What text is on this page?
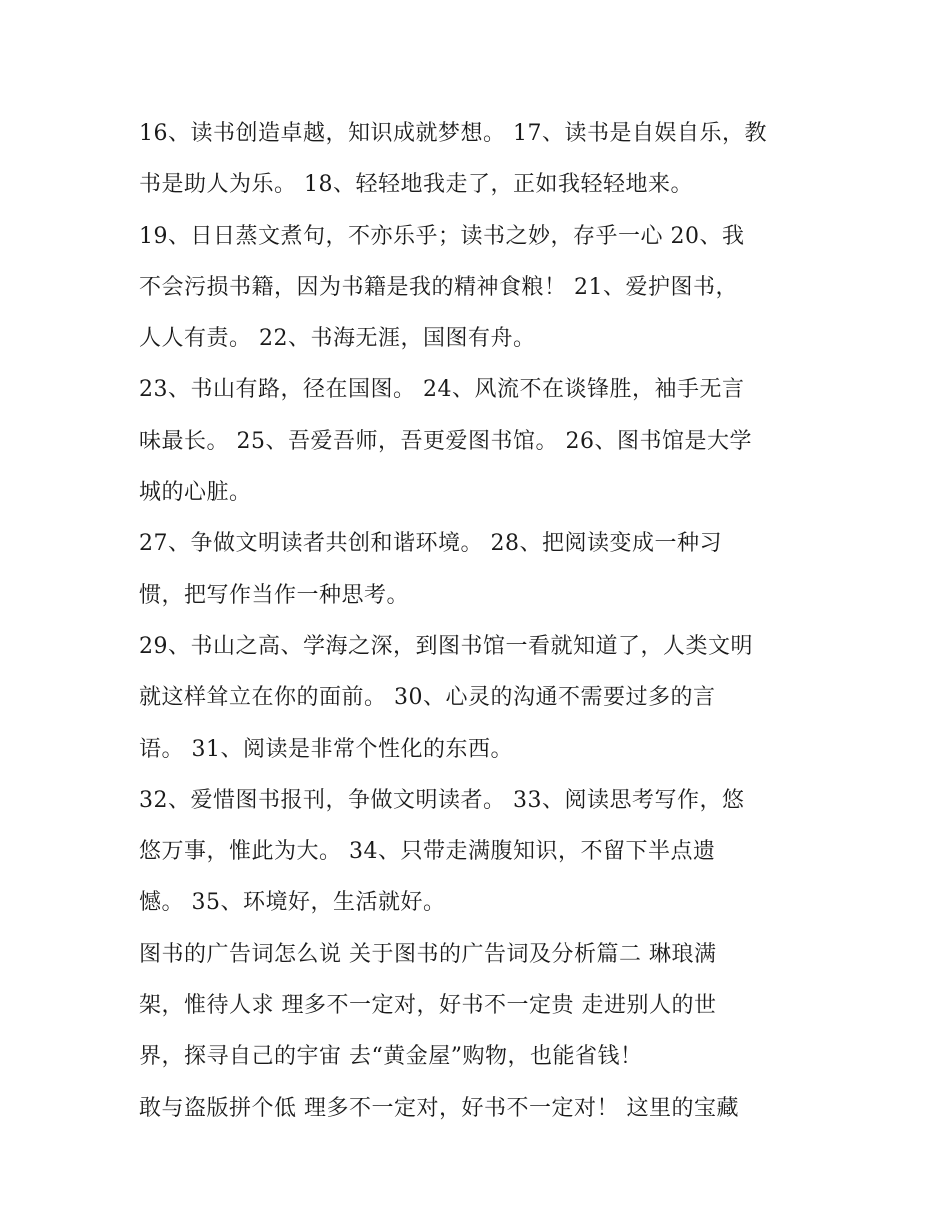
16、读书创造卓越，知识成就梦想。 17、读书是自娱自乐，教
书是助人为乐。 18、轻轻地我走了，正如我轻轻地来。
19、日日蒸文煮句，不亦乐乎；读书之妙，存乎一心 20、我
不会污损书籍，因为书籍是我的精神食粮！ 21、爱护图书，
人人有责。 22、书海无涯，国图有舟。
23、书山有路，径在国图。 24、风流不在谈锋胜，袖手无言
味最长。 25、吾爱吾师，吾更爱图书馆。 26、图书馆是大学
城的心脏。
27、争做文明读者共创和谐环境。 28、把阅读变成一种习
惯，把写作当作一种思考。
29、书山之高、学海之深，到图书馆一看就知道了，人类文明
就这样耸立在你的面前。 30、心灵的沟通不需要过多的言
语。 31、阅读是非常个性化的东西。
32、爱惜图书报刊，争做文明读者。 33、阅读思考写作，悠
悠万事，惟此为大。 34、只带走满腹知识，不留下半点遗
憾。 35、环境好，生活就好。
图书的广告词怎么说 关于图书的广告词及分析篇二 琳琅满
架，惟待人求 理多不一定对，好书不一定贵 走进别人的世
界，探寻自己的宇宙 去“黄金屋”购物，也能省钱！
敢与盗版拼个低 理多不一定对，好书不一定对！ 这里的宝藏
